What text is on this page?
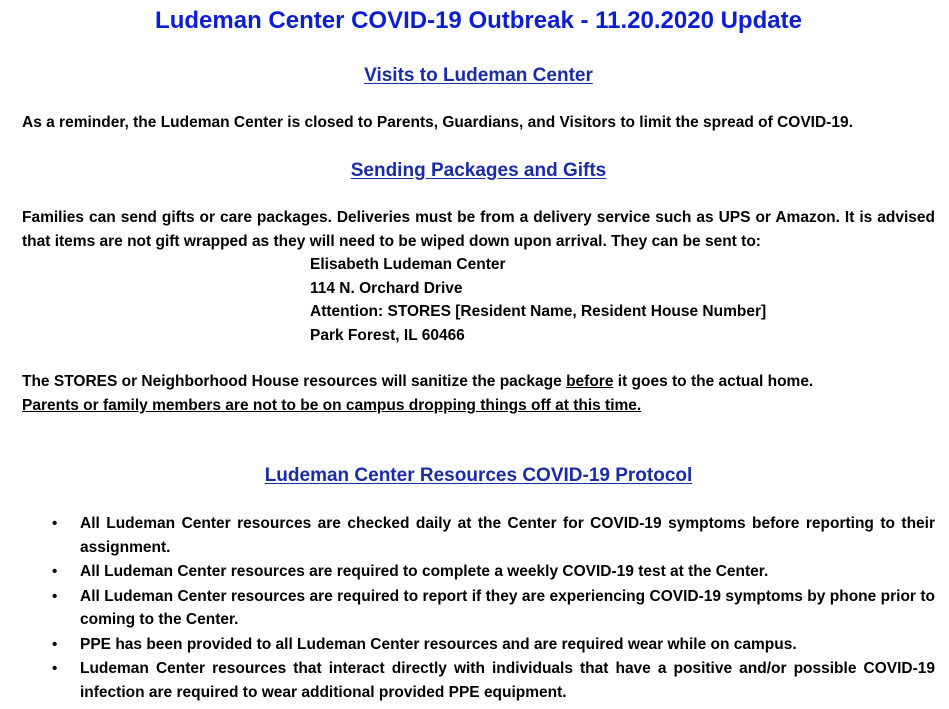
Ludeman Center COVID-19 Outbreak - 11.20.2020 Update
Visits to Ludeman Center
As a reminder, the Ludeman Center is closed to Parents, Guardians, and Visitors to limit the spread of COVID-19.
Sending Packages and Gifts
Families can send gifts or care packages. Deliveries must be from a delivery service such as UPS or Amazon. It is advised that items are not gift wrapped as they will need to be wiped down upon arrival. They can be sent to:
Elisabeth Ludeman Center
114 N. Orchard Drive
Attention: STORES [Resident Name, Resident House Number]
Park Forest, IL 60466
The STORES or Neighborhood House resources will sanitize the package before it goes to the actual home.
Parents or family members are not to be on campus dropping things off at this time.
Ludeman Center Resources COVID-19 Protocol
• All Ludeman Center resources are checked daily at the Center for COVID-19 symptoms before reporting to their assignment.
• All Ludeman Center resources are required to complete a weekly COVID-19 test at the Center.
• All Ludeman Center resources are required to report if they are experiencing COVID-19 symptoms by phone prior to coming to the Center.
• PPE has been provided to all Ludeman Center resources and are required wear while on campus.
• Ludeman Center resources that interact directly with individuals that have a positive and/or possible COVID-19 infection are required to wear additional provided PPE equipment.
